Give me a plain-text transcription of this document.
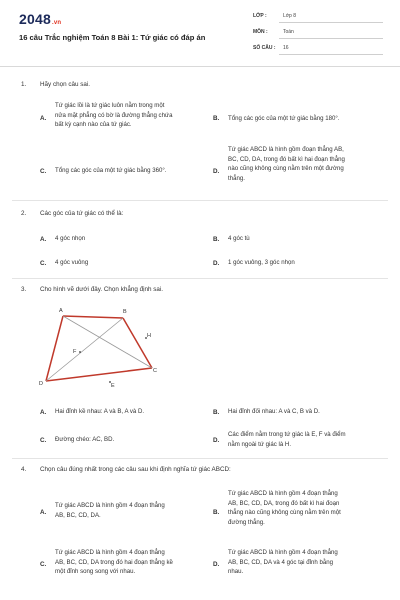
2048.vn
16 câu Trắc nghiệm Toán 8 Bài 1: Tứ giác có đáp án
LỚP :	Lớp 8
MÔN :	Toán
SỐ CÂU : 16
1. Hãy chọn câu sai.
A.
Tứ giác lồi là tứ giác luôn nằm trong một
nửa mặt phẳng có bờ là đường thẳng chứa
bất kỳ cạnh nào của tứ giác.
B. Tổng các góc của một tứ giác bằng 180°.
C. Tổng các góc của một tứ giác bằng 360°.	D.
Tứ giác ABCD là hình gồm đoạn thẳng AB,
BC, CD, DA, trong đó bất kì hai đoạn thẳng
nào cũng không cùng nằm trên một đường
thẳng.
2. Các góc của tứ giác có thể là:
A. 4 góc nhọn	B. 4 góc tù
C. 4 góc vuông	D. 1 góc vuông, 3 góc nhọn
3. Cho hình vẽ dưới đây. Chọn khẳng định sai.
A	B
C
D	E
F
H
A. Hai đỉnh kề nhau: A và B, A và D.	B. Hai đỉnh đối nhau: A và C, B và D.
C. Đường chéo: AC, BD.	D.
Các điểm nằm trong tứ giác là E, F và điểm
nằm ngoài tứ giác là H.
4. Chọn câu đúng nhất trong các câu sau khi định nghĩa tứ giác ABCD:
A.
Tứ giác ABCD là hình gồm 4 đoạn thẳng
AB, BC, CD, DA.	B.
Tứ giác ABCD là hình gồm 4 đoạn thẳng
AB, BC, CD, DA, trong đó bất kì hai đoạn
thẳng nào cũng không cùng nằm trên một
đường thẳng.
C.
Tứ giác ABCD là hình gồm 4 đoạn thẳng
AB, BC, CD, DA trong đó hai đoạn thẳng kề
một đỉnh song song với nhau.
D.
Tứ giác ABCD là hình gồm 4 đoạn thẳng
AB, BC, CD, DA và 4 góc tại đỉnh bằng
nhau.
